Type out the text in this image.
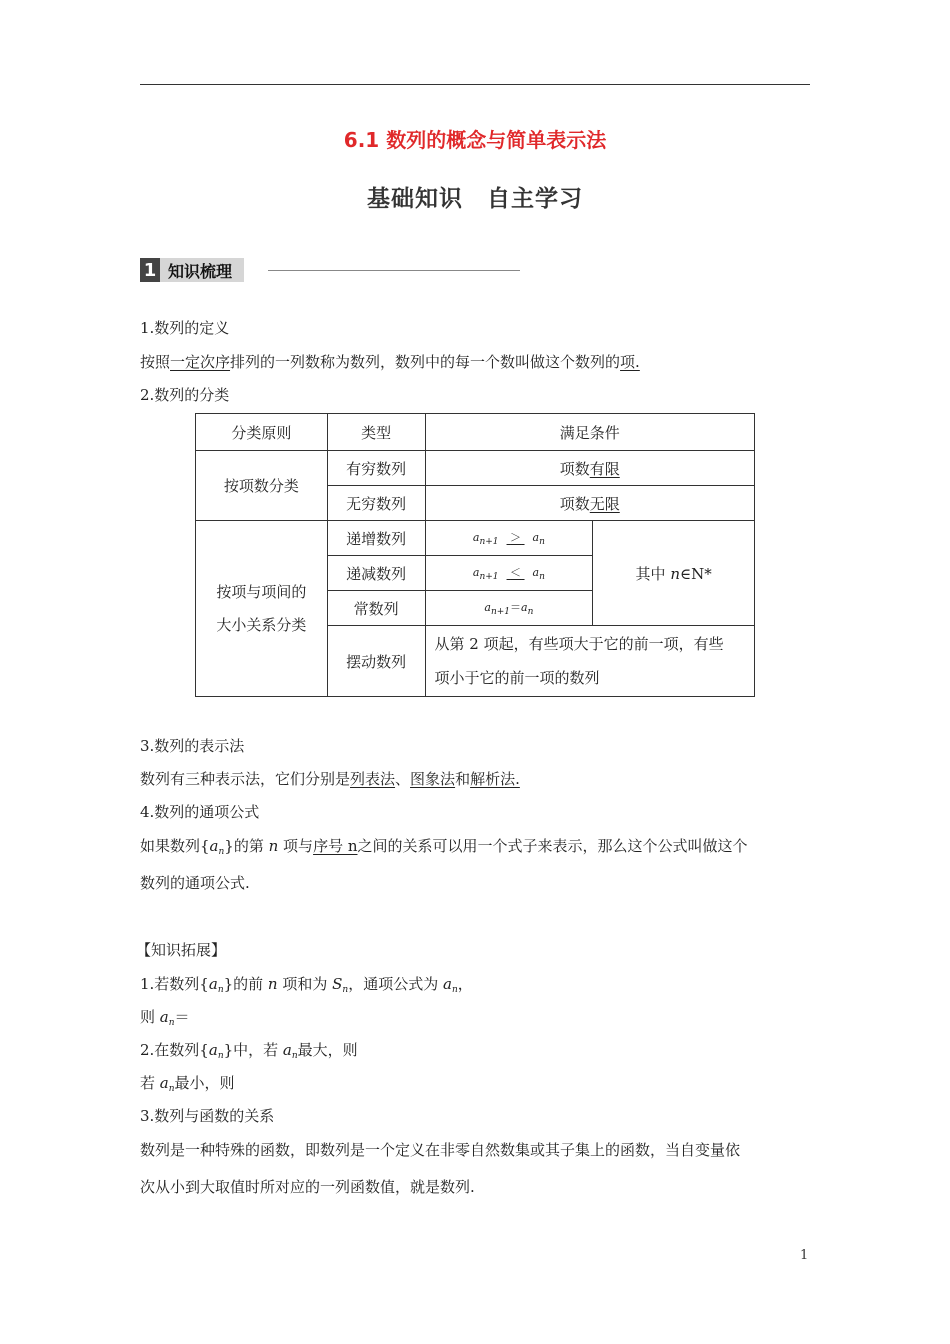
6.1 数列的概念与简单表示法
基础知识　自主学习
1 知识梳理
1.数列的定义
按照一定次序排列的一列数称为数列，数列中的每一个数叫做这个数列的项.
2.数列的分类
分类原则	类型	满足条件	
按项数分类	有穷数列	项数有限	
	无穷数列	项数无限	
按项与项间的
大小关系分类	递增数列	$a_{n+1} > a_n$	其中 n∈N*
	递减数列	$a_{n+1} < a_n$
	常数列	$a_{n+1}=a_n$
	摆动数列	从第 2 项起，有些项大于它的前一项，有些
项小于它的前一项的数列	
3.数列的表示法
数列有三种表示法，它们分别是列表法、图象法和解析法.
4.数列的通项公式
如果数列$\{a_n\}$的第 n 项与序号 n之间的关系可以用一个式子来表示，那么这个公式叫做这个
数列的通项公式.
【知识拓展】
1.若数列$\{a_n\}$的前 n 项和为 $S_n$，通项公式为 $a_n$，
则 $a_n=$
2.在数列$\{a_n\}$中，若 $a_n$最大，则
若 $a_n$最小，则
3.数列与函数的关系
数列是一种特殊的函数，即数列是一个定义在非零自然数集或其子集上的函数，当自变量依
次从小到大取值时所对应的一列函数值，就是数列.
1
